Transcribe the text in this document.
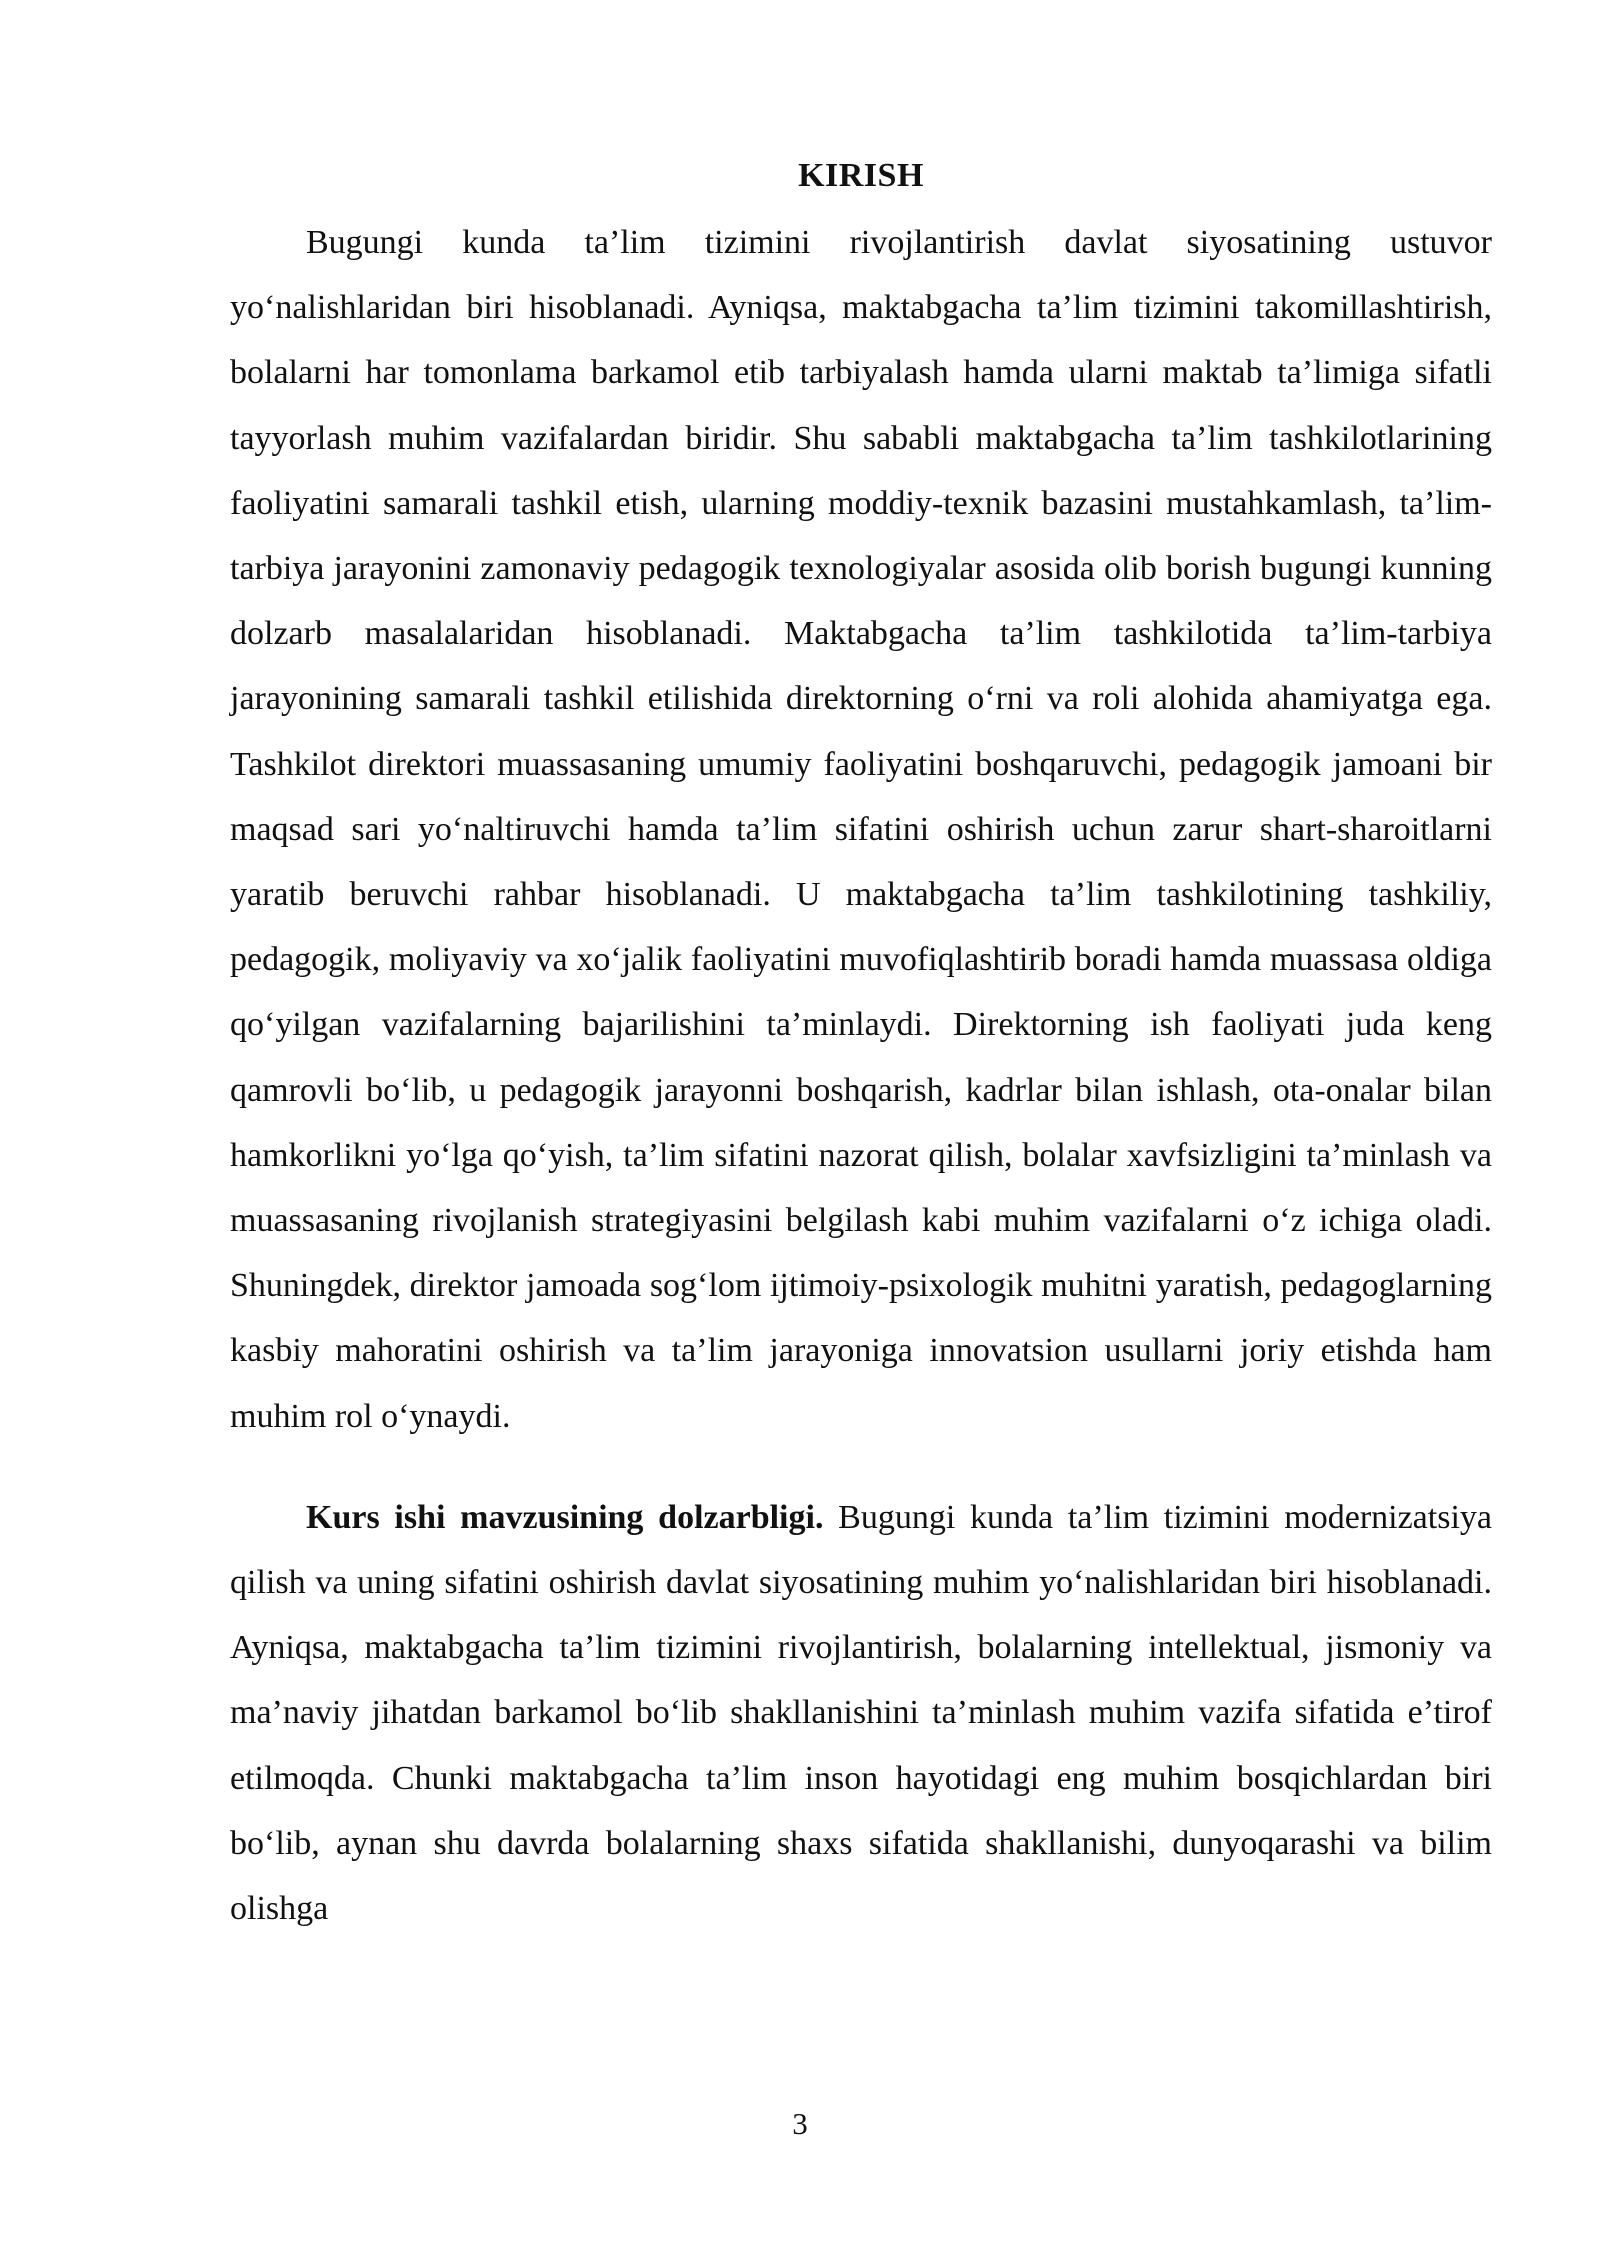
KIRISH

Bugungi kunda ta’lim tizimini rivojlantirish davlat siyosatining ustuvor yo‘nalishlaridan biri hisoblanadi. Ayniqsa, maktabgacha ta’lim tizimini takomillashtirish, bolalarni har tomonlama barkamol etib tarbiyalash hamda ularni maktab ta’limiga sifatli tayyorlash muhim vazifalardan biridir. Shu sababli maktabgacha ta’lim tashkilotlarining faoliyatini samarali tashkil etish, ularning moddiy-texnik bazasini mustahkamlash, ta’lim-tarbiya jarayonini zamonaviy pedagogik texnologiyalar asosida olib borish bugungi kunning dolzarb masalalaridan hisoblanadi. Maktabgacha ta’lim tashkilotida ta’lim-tarbiya jarayonining samarali tashkil etilishida direktorning o‘rni va roli alohida ahamiyatga ega. Tashkilot direktori muassasaning umumiy faoliyatini boshqaruvchi, pedagogik jamoani bir maqsad sari yo‘naltiruvchi hamda ta’lim sifatini oshirish uchun zarur shart-sharoitlarni yaratib beruvchi rahbar hisoblanadi. U maktabgacha ta’lim tashkilotining tashkiliy, pedagogik, moliyaviy va xo‘jalik faoliyatini muvofiqlashtirib boradi hamda muassasa oldiga qo‘yilgan vazifalarning bajarilishini ta’minlaydi. Direktorning ish faoliyati juda keng qamrovli bo‘lib, u pedagogik jarayonni boshqarish, kadrlar bilan ishlash, ota-onalar bilan hamkorlikni yo‘lga qo‘yish, ta’lim sifatini nazorat qilish, bolalar xavfsizligini ta’minlash va muassasaning rivojlanish strategiyasini belgilash kabi muhim vazifalarni o‘z ichiga oladi. Shuningdek, direktor jamoada sog‘lom ijtimoiy-psixologik muhitni yaratish, pedagoglarning kasbiy mahoratini oshirish va ta’lim jarayoniga innovatsion usullarni joriy etishda ham muhim rol o‘ynaydi.

Kurs ishi mavzusining dolzarbligi. Bugungi kunda ta’lim tizimini modernizatsiya qilish va uning sifatini oshirish davlat siyosatining muhim yo‘nalishlaridan biri hisoblanadi. Ayniqsa, maktabgacha ta’lim tizimini rivojlantirish, bolalarning intellektual, jismoniy va ma’naviy jihatdan barkamol bo‘lib shakllanishini ta’minlash muhim vazifa sifatida e’tirof etilmoqda. Chunki maktabgacha ta’lim inson hayotidagi eng muhim bosqichlardan biri bo‘lib, aynan shu davrda bolalarning shaxs sifatida shakllanishi, dunyoqarashi va bilim olishga

3
